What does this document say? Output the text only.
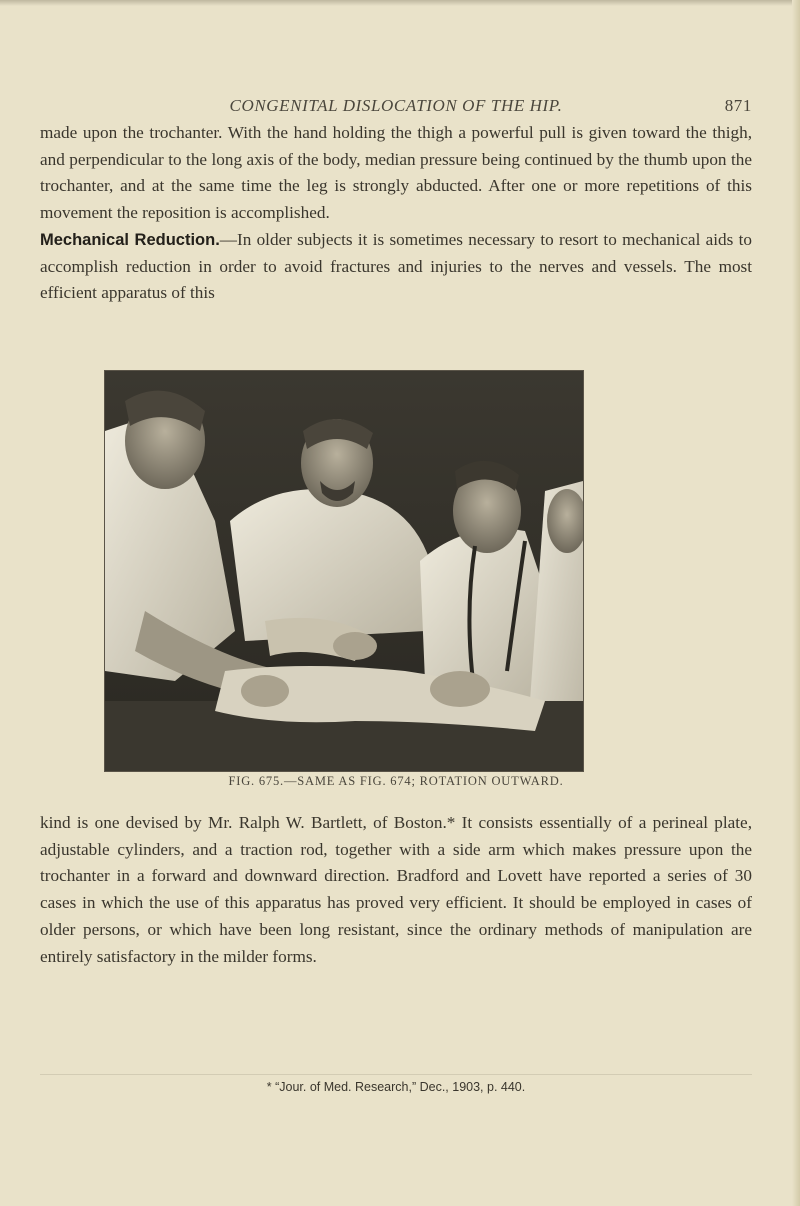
CONGENITAL DISLOCATION OF THE HIP.	871

made upon the trochanter. With the hand holding the thigh a powerful pull is given toward the thigh, and perpendicular to the long axis of the body, median pressure being continued by the thumb upon the trochanter, and at the same time the leg is strongly abducted. After one or more repetitions of this movement the reposition is accomplished.

Mechanical Reduction.—In older subjects it is sometimes necessary to resort to mechanical aids to accomplish reduction in order to avoid fractures and injuries to the nerves and vessels. The most efficient apparatus of this

FIG. 675.—SAME AS FIG. 674; ROTATION OUTWARD.

kind is one devised by Mr. Ralph W. Bartlett, of Boston.* It consists essentially of a perineal plate, adjustable cylinders, and a traction rod, together with a side arm which makes pressure upon the trochanter in a forward and downward direction. Bradford and Lovett have reported a series of 30 cases in which the use of this apparatus has proved very efficient. It should be employed in cases of older persons, or which have been long resistant, since the ordinary methods of manipulation are entirely satisfactory in the milder forms.

* “Jour. of Med. Research,” Dec., 1903, p. 440.
